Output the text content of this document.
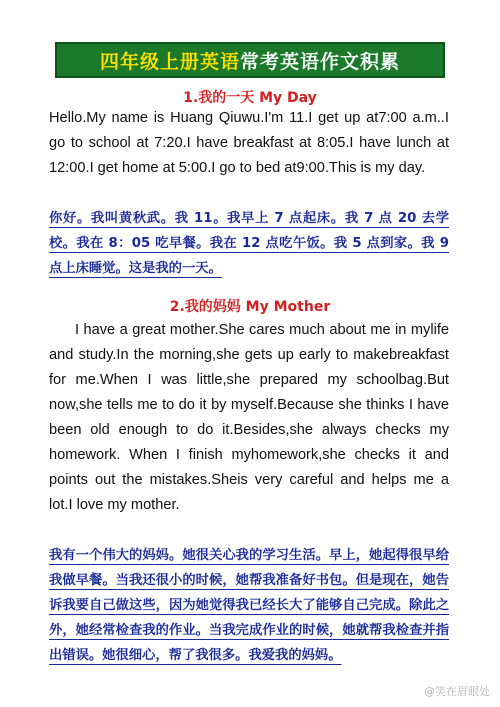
四年级上册英语 常考英语作文积累
1.我的一天 My Day

Hello.My name is Huang Qiuwu.I'm 11.I get up at7:00 a.m..I go to school at 7:20.I have breakfast at 8:05.I have lunch at 12:00.I get home at 5:00.I go to bed at9:00.This is my day.

你好。我叫黄秋武。我 11。我早上 7 点起床。我 7 点 20 去学校。我在 8：05 吃早餐。我在 12 点吃午饭。我 5 点到家。我 9 点上床睡觉。这是我的一天。

2.我的妈妈 My Mother

I have a great mother.She cares much about me in mylife and study.In the morning,she gets up early to makebreakfast for me.When I was little,she prepared my schoolbag.But now,she tells me to do it by myself.Because she thinks I have been old enough to do it.Besides,she always checks my homework. When I finish myhomework,she checks it and points out the mistakes.Sheis very careful and helps me a lot.I love my mother.

我有一个伟大的妈妈。她很关心我的学习生活。早上，她起得很早给我做早餐。当我还很小的时候，她帮我准备好书包。但是现在，她告诉我要自己做这些，因为她觉得我已经长大了能够自己完成。除此之外，她经常检查我的作业。当我完成作业的时候，她就帮我检查并指出错误。她很细心，帮了我很多。我爱我的妈妈。

@笑在眉眼处
